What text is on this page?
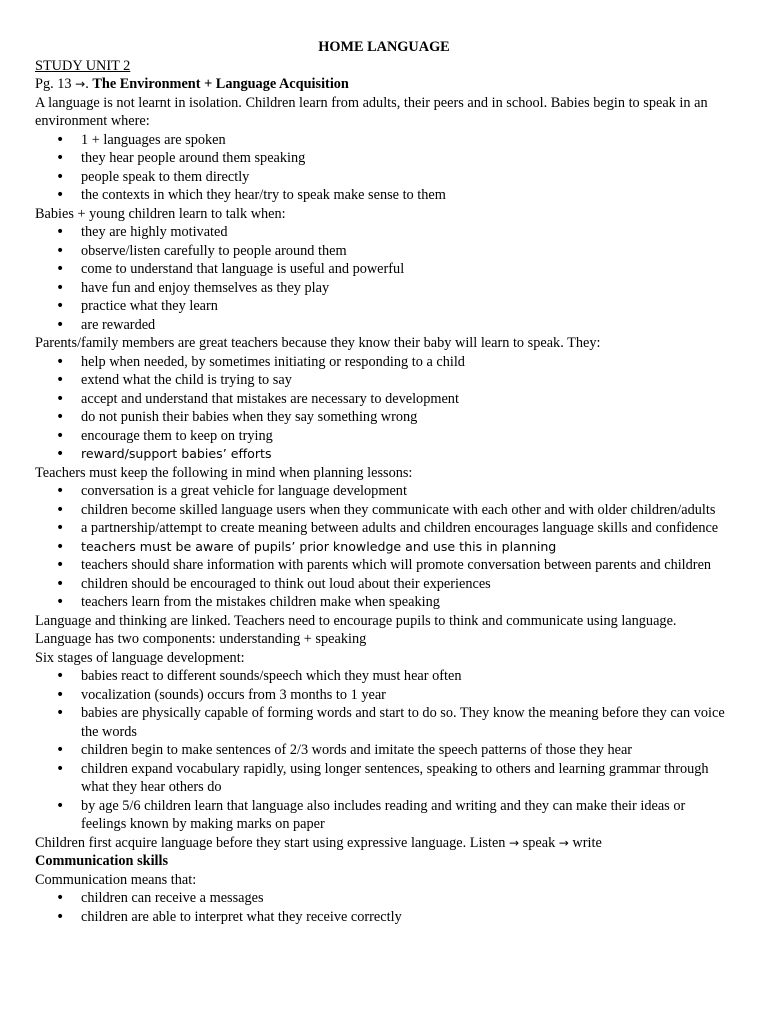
HOME LANGUAGE

STUDY UNIT 2

Pg. 13 →. The Environment + Language Acquisition

A language is not learnt in isolation. Children learn from adults, their peers and in school. Babies begin to speak in an environment where:

• 1 + languages are spoken
• they hear people around them speaking
• people speak to them directly
• the contexts in which they hear/try to speak make sense to them

Babies + young children learn to talk when:

• they are highly motivated
• observe/listen carefully to people around them
• come to understand that language is useful and powerful
• have fun and enjoy themselves as they play
• practice what they learn
• are rewarded

Parents/family members are great teachers because they know their baby will learn to speak. They:

• help when needed, by sometimes initiating or responding to a child
• extend what the child is trying to say
• accept and understand that mistakes are necessary to development
• do not punish their babies when they say something wrong
• encourage them to keep on trying
• reward/support babies’ efforts

Teachers must keep the following in mind when planning lessons:

• conversation is a great vehicle for language development
• children become skilled language users when they communicate with each other and with older children/adults
• a partnership/attempt to create meaning between adults and children encourages language skills and confidence
• teachers must be aware of pupils’ prior knowledge and use this in planning
• teachers should share information with parents which will promote conversation between parents and children
• children should be encouraged to think out loud about their experiences
• teachers learn from the mistakes children make when speaking

Language and thinking are linked. Teachers need to encourage pupils to think and communicate using language.

Language has two components: understanding + speaking

Six stages of language development:

• babies react to different sounds/speech which they must hear often
• vocalization (sounds) occurs from 3 months to 1 year
• babies are physically capable of forming words and start to do so. They know the meaning before they can voice the words
• children begin to make sentences of 2/3 words and imitate the speech patterns of those they hear
• children expand vocabulary rapidly, using longer sentences, speaking to others and learning grammar through what they hear others do
• by age 5/6 children learn that language also includes reading and writing and they can make their ideas or feelings known by making marks on paper

Children first acquire language before they start using expressive language. Listen → speak → write

Communication skills

Communication means that:

• children can receive a messages
• children are able to interpret what they receive correctly
